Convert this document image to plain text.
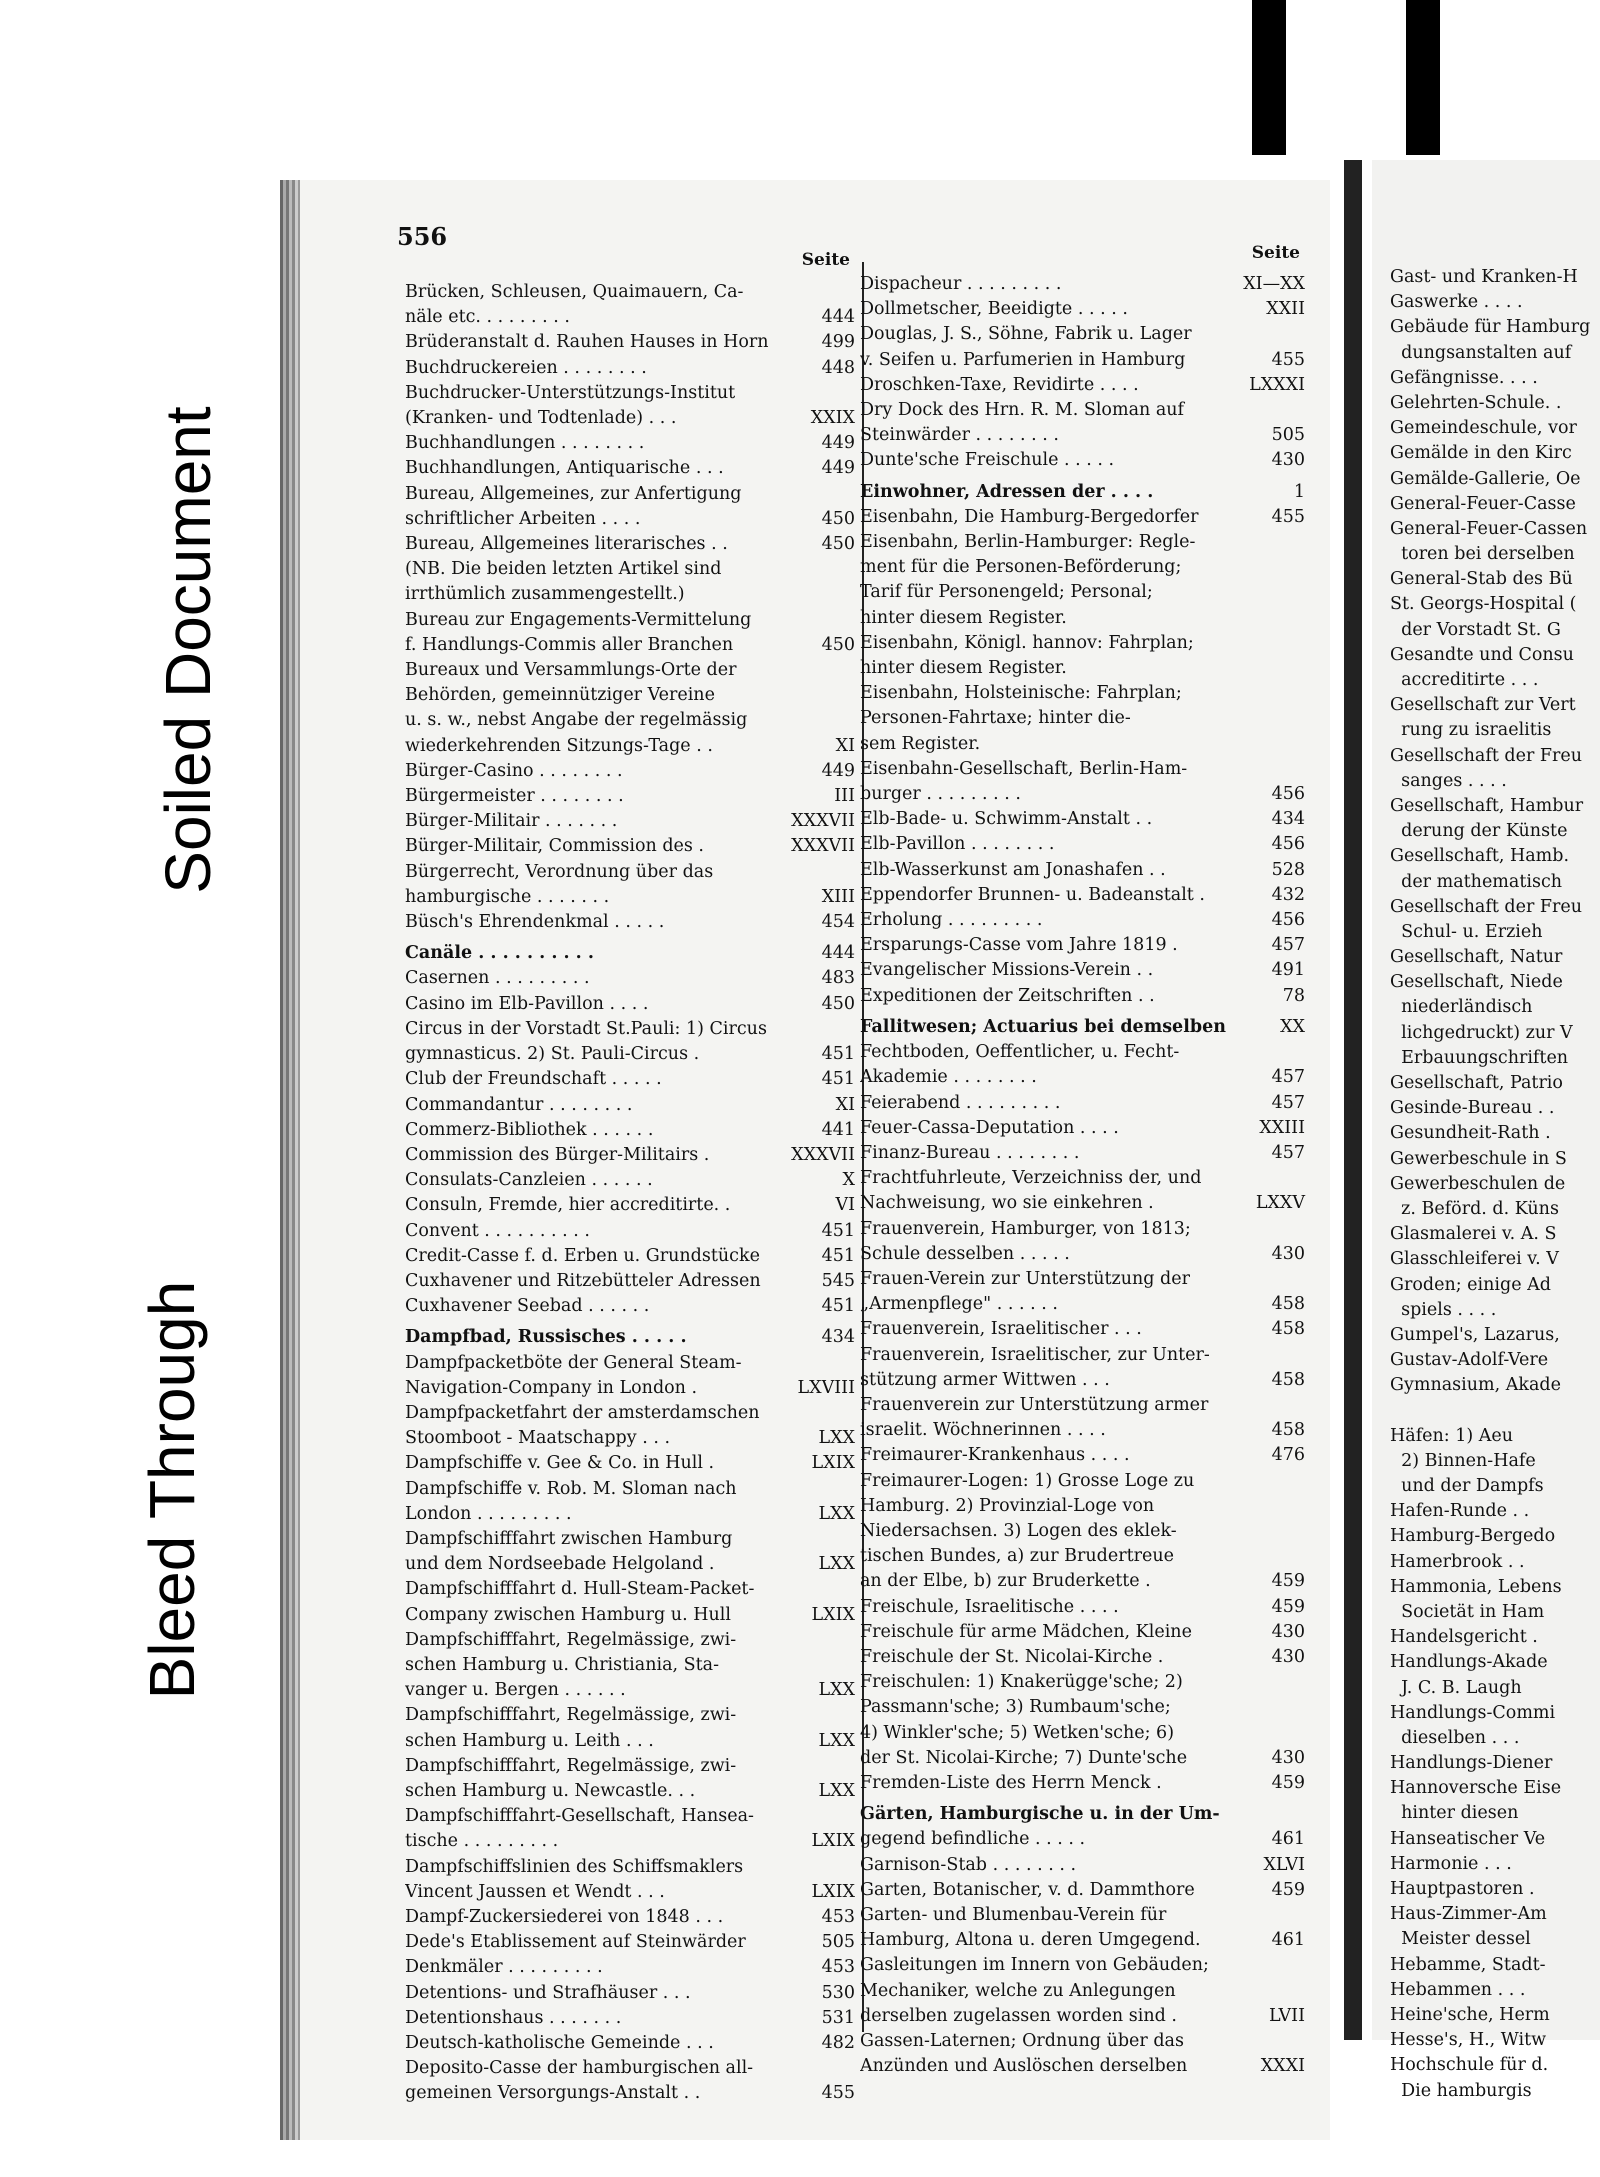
Bleed Through
Soiled Document
556
Seite	Seite
Brücken, Schleusen, Quaimauern, Ca-
näle etc. . . . . . . . .	444
Brüderanstalt d. Rauhen Hauses in Horn	499
Buchdruckereien . . . . . . . .	448
Buchdrucker-Unterstützungs-Institut
(Kranken- und Todtenlade) . . .	XXIX
Buchhandlungen . . . . . . . .	449
Buchhandlungen, Antiquarische . . .	449
Bureau, Allgemeines, zur Anfertigung
schriftlicher Arbeiten . . . .	450
Bureau, Allgemeines literarisches . .	450
(NB. Die beiden letzten Artikel sind
irrthümlich zusammengestellt.)
Bureau zur Engagements-Vermittelung
f. Handlungs-Commis aller Branchen	450
Bureaux und Versammlungs-Orte der
Behörden, gemeinnütziger Vereine
u. s. w., nebst Angabe der regelmässig
wiederkehrenden Sitzungs-Tage . .	XI
Bürger-Casino . . . . . . . .	449
Bürgermeister . . . . . . . .	III
Bürger-Militair . . . . . . .	XXXVII
Bürger-Militair, Commission des .	XXXVII
Bürgerrecht, Verordnung über das
hamburgische . . . . . . .	XIII
Büsch's Ehrendenkmal . . . . .	454
Canäle . . . . . . . . . .	444
Casernen . . . . . . . . .	483
Casino im Elb-Pavillon . . . .	450
Circus in der Vorstadt St.Pauli: 1) Circus
gymnasticus. 2) St. Pauli-Circus .	451
Club der Freundschaft . . . . .	451
Commandantur . . . . . . . .	XI
Commerz-Bibliothek . . . . . .	441
Commission des Bürger-Militairs .	XXXVII
Consulats-Canzleien . . . . . .	X
Consuln, Fremde, hier accreditirte. .	VI
Convent . . . . . . . . . .	451
Credit-Casse f. d. Erben u. Grundstücke	451
Cuxhavener und Ritzebütteler Adressen	545
Cuxhavener Seebad . . . . . .	451
Dampfbad, Russisches . . . . .	434
Dampfpacketböte der General Steam-
Navigation-Company in London .	LXVIII
Dampfpacketfahrt der amsterdamschen
Stoomboot - Maatschappy . . .	LXX
Dampfschiffe v. Gee & Co. in Hull .	LXIX
Dampfschiffe v. Rob. M. Sloman nach
London . . . . . . . . .	LXX
Dampfschifffahrt zwischen Hamburg
und dem Nordseebade Helgoland .	LXX
Dampfschifffahrt d. Hull-Steam-Packet-
Company zwischen Hamburg u. Hull	LXIX
Dampfschifffahrt, Regelmässige, zwi-
schen Hamburg u. Christiania, Sta-
vanger u. Bergen . . . . . .	LXX
Dampfschifffahrt, Regelmässige, zwi-
schen Hamburg u. Leith . . .	LXX
Dampfschifffahrt, Regelmässige, zwi-
schen Hamburg u. Newcastle. . .	LXX
Dampfschifffahrt-Gesellschaft, Hansea-
tische . . . . . . . . .	LXIX
Dampfschiffslinien des Schiffsmaklers
Vincent Jaussen et Wendt . . .	LXIX
Dampf-Zuckersiederei von 1848 . . .	453
Dede's Etablissement auf Steinwärder	505
Denkmäler . . . . . . . . .	453
Detentions- und Strafhäuser . . .	530
Detentionshaus . . . . . . .	531
Deutsch-katholische Gemeinde . . .	482
Deposito-Casse der hamburgischen all-
gemeinen Versorgungs-Anstalt . .	455
Dispacheur . . . . . . . . .	XI—XX
Dollmetscher, Beeidigte . . . . .	XXII
Douglas, J. S., Söhne, Fabrik u. Lager
v. Seifen u. Parfumerien in Hamburg	455
Droschken-Taxe, Revidirte . . . .	LXXXI
Dry Dock des Hrn. R. M. Sloman auf
Steinwärder . . . . . . . .	505
Dunte'sche Freischule . . . . .	430
Einwohner, Adressen der . . . .	1
Eisenbahn, Die Hamburg-Bergedorfer	455
Eisenbahn, Berlin-Hamburger: Regle-
ment für die Personen-Beförderung;
Tarif für Personengeld; Personal;
hinter diesem Register.
Eisenbahn, Königl. hannov: Fahrplan;
hinter diesem Register.
Eisenbahn, Holsteinische: Fahrplan;
Personen-Fahrtaxe; hinter die-
sem Register.
Eisenbahn-Gesellschaft, Berlin-Ham-
burger . . . . . . . . .	456
Elb-Bade- u. Schwimm-Anstalt . .	434
Elb-Pavillon . . . . . . . .	456
Elb-Wasserkunst am Jonashafen . .	528
Eppendorfer Brunnen- u. Badeanstalt .	432
Erholung . . . . . . . . .	456
Ersparungs-Casse vom Jahre 1819 .	457
Evangelischer Missions-Verein . .	491
Expeditionen der Zeitschriften . .	78
Fallitwesen; Actuarius bei demselben	XX
Fechtboden, Oeffentlicher, u. Fecht-
Akademie . . . . . . . .	457
Feierabend . . . . . . . . .	457
Feuer-Cassa-Deputation . . . .	XXIII
Finanz-Bureau . . . . . . . .	457
Frachtfuhrleute, Verzeichniss der, und
Nachweisung, wo sie einkehren .	LXXV
Frauenverein, Hamburger, von 1813;
Schule desselben . . . . .	430
Frauen-Verein zur Unterstützung der
„Armenpflege" . . . . . .	458
Frauenverein, Israelitischer . . .	458
Frauenverein, Israelitischer, zur Unter-
stützung armer Wittwen . . .	458
Frauenverein zur Unterstützung armer
israelit. Wöchnerinnen . . . .	458
Freimaurer-Krankenhaus . . . .	476
Freimaurer-Logen: 1) Grosse Loge zu
Hamburg. 2) Provinzial-Loge von
Niedersachsen. 3) Logen des eklek-
tischen Bundes, a) zur Brudertreue
an der Elbe, b) zur Bruderkette .	459
Freischule, Israelitische . . . .	459
Freischule für arme Mädchen, Kleine	430
Freischule der St. Nicolai-Kirche .	430
Freischulen: 1) Knakerügge'sche; 2)
Passmann'sche; 3) Rumbaum'sche;
4) Winkler'sche; 5) Wetken'sche; 6)
der St. Nicolai-Kirche; 7) Dunte'sche	430
Fremden-Liste des Herrn Menck .	459
Gärten, Hamburgische u. in der Um-
gegend befindliche . . . . .	461
Garnison-Stab . . . . . . . .	XLVI
Garten, Botanischer, v. d. Dammthore	459
Garten- und Blumenbau-Verein für
Hamburg, Altona u. deren Umgegend.	461
Gasleitungen im Innern von Gebäuden;
Mechaniker, welche zu Anlegungen
derselben zugelassen worden sind .	LVII
Gassen-Laternen; Ordnung über das
Anzünden und Auslöschen derselben	XXXI
Gast- und Kranken-H
Gaswerke . . . .
Gebäude für Hamburg
dungsanstalten auf
Gefängnisse. . . .
Gelehrten-Schule. .
Gemeindeschule, vor
Gemälde in den Kirc
Gemälde-Gallerie, Oe
General-Feuer-Casse
General-Feuer-Cassen
toren bei derselben
General-Stab des Bü
St. Georgs-Hospital (
der Vorstadt St. G
Gesandte und Consu
accreditirte . . .
Gesellschaft zur Vert
rung zu israelitis
Gesellschaft der Freu
sanges . . . .
Gesellschaft, Hambur
derung der Künste
Gesellschaft, Hamb.
der mathematisch
Gesellschaft der Freu
Schul- u. Erzieh
Gesellschaft, Natur
Gesellschaft, Niede
niederländisch
lichgedruckt) zur V
Erbauungschriften
Gesellschaft, Patrio
Gesinde-Bureau . .
Gesundheit-Rath .
Gewerbeschule in S
Gewerbeschulen de
z. Beförd. d. Küns
Glasmalerei v. A. S
Glasschleiferei v. V
Groden; einige Ad
spiels . . . .
Gumpel's, Lazarus,
Gustav-Adolf-Vere
Gymnasium, Akade
Häfen: 1) Aeu
2) Binnen-Hafe
und der Dampfs
Hafen-Runde . .
Hamburg-Bergedo
Hamerbrook . .
Hammonia, Lebens
Societät in Ham
Handelsgericht .
Handlungs-Akade
J. C. B. Laugh
Handlungs-Commi
dieselben . . .
Handlungs-Diener
Hannoversche Eise
hinter diesen
Hanseatischer Ve
Harmonie . . .
Hauptpastoren .
Haus-Zimmer-Am
Meister dessel
Hebamme, Stadt-
Hebammen . . .
Heine'sche, Herm
Hesse's, H., Witw
Hochschule für d.
Die hamburgis
